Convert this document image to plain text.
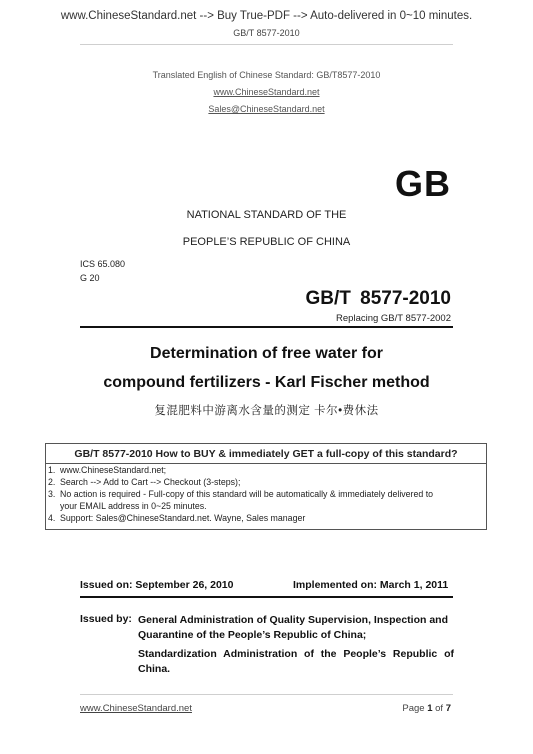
www.ChineseStandard.net --> Buy True-PDF --> Auto-delivered in 0~10 minutes.
GB/T 8577-2010
Translated English of Chinese Standard: GB/T8577-2010
www.ChineseStandard.net
Sales@ChineseStandard.net
GB
NATIONAL STANDARD OF THE
PEOPLE’S REPUBLIC OF CHINA
ICS 65.080
G 20
GB/T 8577-2010
Replacing GB/T 8577-2002
Determination of free water for
compound fertilizers - Karl Fischer method
复混肥料中游离水含量的测定 卡尔•费休法
GB/T 8577-2010 How to BUY & immediately GET a full-copy of this standard?
1. www.ChineseStandard.net;
2. Search --> Add to Cart --> Checkout (3-steps);
3. No action is required - Full-copy of this standard will be automatically & immediately delivered to
your EMAIL address in 0~25 minutes.
4. Support: Sales@ChineseStandard.net. Wayne, Sales manager
Issued on: September 26, 2010	Implemented on: March 1, 2011
Issued by: General Administration of Quality Supervision, Inspection and Quarantine of the People’s Republic of China;
Standardization Administration of the People’s Republic of China.
www.ChineseStandard.net	Page 1 of 7
